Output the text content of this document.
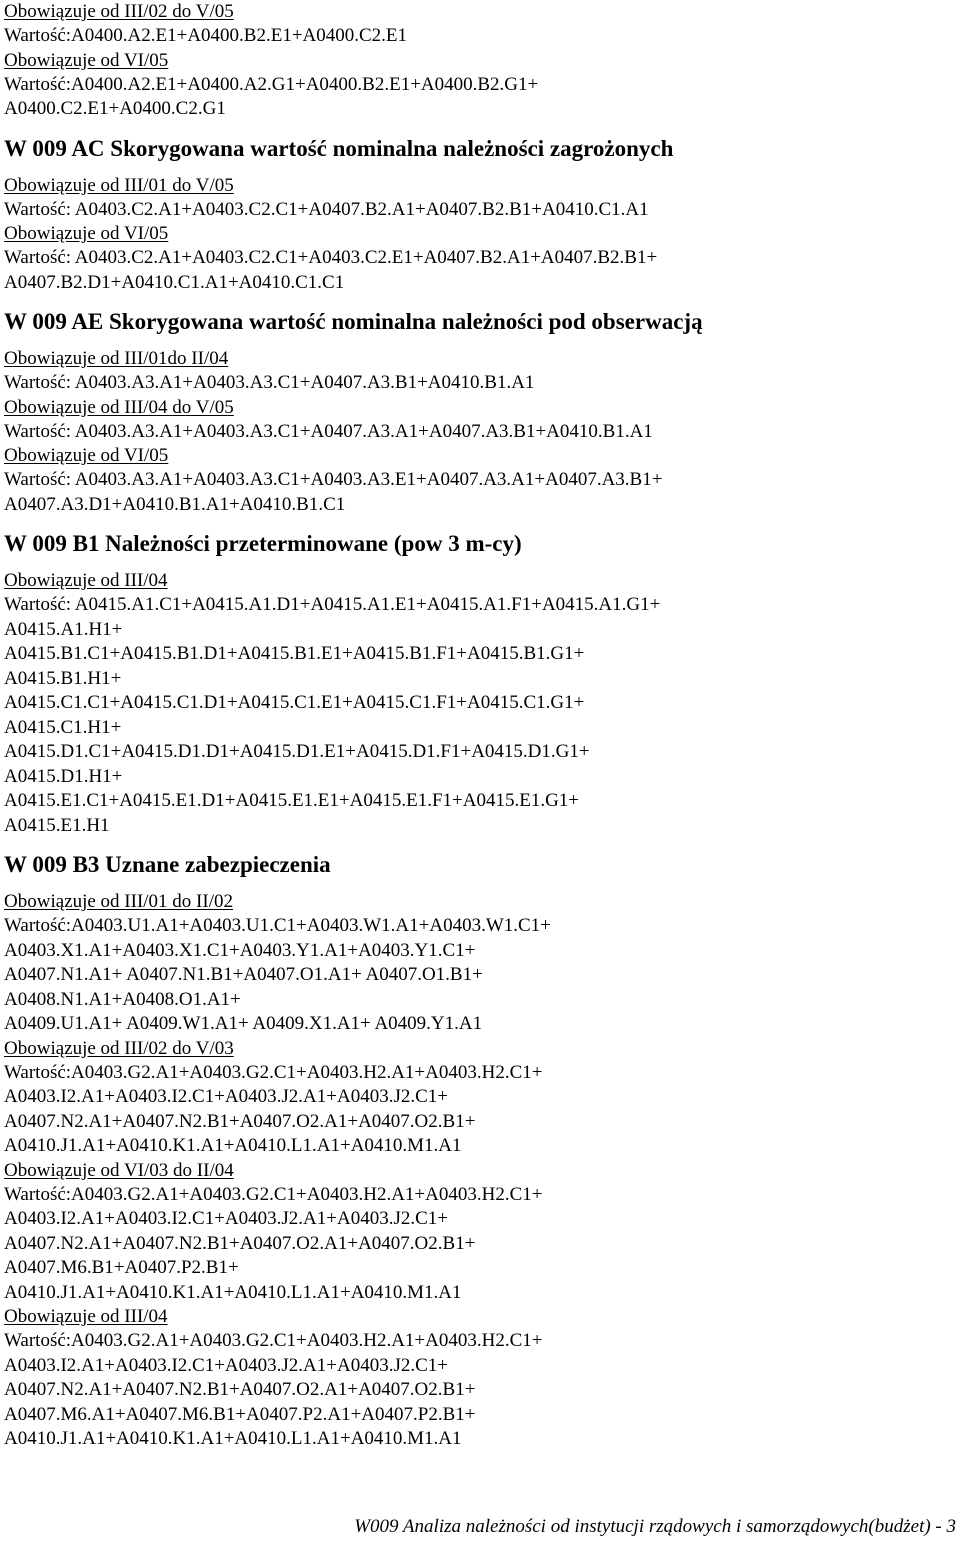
Obowiązuje od III/02 do V/05
Wartość:A0400.A2.E1+A0400.B2.E1+A0400.C2.E1
Obowiązuje od VI/05
Wartość:A0400.A2.E1+A0400.A2.G1+A0400.B2.E1+A0400.B2.G1+
A0400.C2.E1+A0400.C2.G1
W 009 AC Skorygowana wartość nominalna należności zagrożonych
Obowiązuje od III/01 do V/05
Wartość: A0403.C2.A1+A0403.C2.C1+A0407.B2.A1+A0407.B2.B1+A0410.C1.A1
Obowiązuje od VI/05
Wartość: A0403.C2.A1+A0403.C2.C1+A0403.C2.E1+A0407.B2.A1+A0407.B2.B1+
A0407.B2.D1+A0410.C1.A1+A0410.C1.C1
W 009 AE Skorygowana wartość nominalna należności pod obserwacją
Obowiązuje od III/01do II/04
Wartość: A0403.A3.A1+A0403.A3.C1+A0407.A3.B1+A0410.B1.A1
Obowiązuje od III/04 do V/05
Wartość: A0403.A3.A1+A0403.A3.C1+A0407.A3.A1+A0407.A3.B1+A0410.B1.A1
Obowiązuje od VI/05
Wartość: A0403.A3.A1+A0403.A3.C1+A0403.A3.E1+A0407.A3.A1+A0407.A3.B1+
A0407.A3.D1+A0410.B1.A1+A0410.B1.C1
W 009 B1 Należności przeterminowane (pow 3 m-cy)
Obowiązuje od III/04
Wartość: A0415.A1.C1+A0415.A1.D1+A0415.A1.E1+A0415.A1.F1+A0415.A1.G1+
A0415.A1.H1+
A0415.B1.C1+A0415.B1.D1+A0415.B1.E1+A0415.B1.F1+A0415.B1.G1+
A0415.B1.H1+
A0415.C1.C1+A0415.C1.D1+A0415.C1.E1+A0415.C1.F1+A0415.C1.G1+
A0415.C1.H1+
A0415.D1.C1+A0415.D1.D1+A0415.D1.E1+A0415.D1.F1+A0415.D1.G1+
A0415.D1.H1+
A0415.E1.C1+A0415.E1.D1+A0415.E1.E1+A0415.E1.F1+A0415.E1.G1+
A0415.E1.H1
W 009 B3 Uznane zabezpieczenia
Obowiązuje od III/01 do II/02
Wartość:A0403.U1.A1+A0403.U1.C1+A0403.W1.A1+A0403.W1.C1+
A0403.X1.A1+A0403.X1.C1+A0403.Y1.A1+A0403.Y1.C1+
A0407.N1.A1+ A0407.N1.B1+A0407.O1.A1+ A0407.O1.B1+
A0408.N1.A1+A0408.O1.A1+
A0409.U1.A1+ A0409.W1.A1+ A0409.X1.A1+ A0409.Y1.A1
Obowiązuje od III/02 do V/03
Wartość:A0403.G2.A1+A0403.G2.C1+A0403.H2.A1+A0403.H2.C1+
A0403.I2.A1+A0403.I2.C1+A0403.J2.A1+A0403.J2.C1+
A0407.N2.A1+A0407.N2.B1+A0407.O2.A1+A0407.O2.B1+
A0410.J1.A1+A0410.K1.A1+A0410.L1.A1+A0410.M1.A1
Obowiązuje od VI/03 do II/04
Wartość:A0403.G2.A1+A0403.G2.C1+A0403.H2.A1+A0403.H2.C1+
A0403.I2.A1+A0403.I2.C1+A0403.J2.A1+A0403.J2.C1+
A0407.N2.A1+A0407.N2.B1+A0407.O2.A1+A0407.O2.B1+
A0407.M6.B1+A0407.P2.B1+
A0410.J1.A1+A0410.K1.A1+A0410.L1.A1+A0410.M1.A1
Obowiązuje od III/04
Wartość:A0403.G2.A1+A0403.G2.C1+A0403.H2.A1+A0403.H2.C1+
A0403.I2.A1+A0403.I2.C1+A0403.J2.A1+A0403.J2.C1+
A0407.N2.A1+A0407.N2.B1+A0407.O2.A1+A0407.O2.B1+
A0407.M6.A1+A0407.M6.B1+A0407.P2.A1+A0407.P2.B1+
A0410.J1.A1+A0410.K1.A1+A0410.L1.A1+A0410.M1.A1
W009 Analiza należności od instytucji rządowych i samorządowych(budżet) - 3
